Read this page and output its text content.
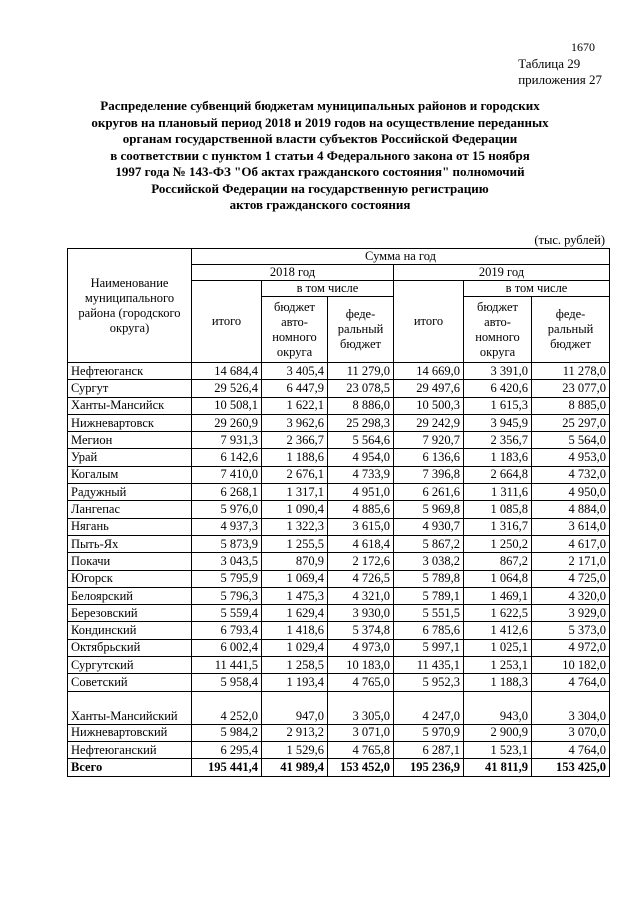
1670
Таблица 29
приложения 27
Распределение субвенций бюджетам муниципальных районов и городских
округов на плановый период 2018 и 2019 годов на осуществление переданных
органам государственной власти субъектов Российской Федерации
в соответствии с пунктом 1 статьи 4 Федерального закона от 15 ноября
1997 года № 143-ФЗ "Об актах гражданского состояния" полномочий
Российской Федерации на государственную регистрацию
актов гражданского состояния
(тыс. рублей)
Наименование муниципального района (городского округа)	Сумма на год					
	2018 год			2019 год		
	итого	в том числе		итого	в том числе	
		бюджет авто-номного округа	феде-ральный бюджет		бюджет авто-номного округа	феде-ральный бюджет
Нефтеюганск	14 684,4	3 405,4	11 279,0	14 669,0	3 391,0	11 278,0
Сургут	29 526,4	6 447,9	23 078,5	29 497,6	6 420,6	23 077,0
Ханты-Мансийск	10 508,1	1 622,1	8 886,0	10 500,3	1 615,3	8 885,0
Нижневартовск	29 260,9	3 962,6	25 298,3	29 242,9	3 945,9	25 297,0
Мегион	7 931,3	2 366,7	5 564,6	7 920,7	2 356,7	5 564,0
Урай	6 142,6	1 188,6	4 954,0	6 136,6	1 183,6	4 953,0
Когалым	7 410,0	2 676,1	4 733,9	7 396,8	2 664,8	4 732,0
Радужный	6 268,1	1 317,1	4 951,0	6 261,6	1 311,6	4 950,0
Лангепас	5 976,0	1 090,4	4 885,6	5 969,8	1 085,8	4 884,0
Нягань	4 937,3	1 322,3	3 615,0	4 930,7	1 316,7	3 614,0
Пыть-Ях	5 873,9	1 255,5	4 618,4	5 867,2	1 250,2	4 617,0
Покачи	3 043,5	870,9	2 172,6	3 038,2	867,2	2 171,0
Югорск	5 795,9	1 069,4	4 726,5	5 789,8	1 064,8	4 725,0
Белоярский	5 796,3	1 475,3	4 321,0	5 789,1	1 469,1	4 320,0
Березовский	5 559,4	1 629,4	3 930,0	5 551,5	1 622,5	3 929,0
Кондинский	6 793,4	1 418,6	5 374,8	6 785,6	1 412,6	5 373,0
Октябрьский	6 002,4	1 029,4	4 973,0	5 997,1	1 025,1	4 972,0
Сургутский	11 441,5	1 258,5	10 183,0	11 435,1	1 253,1	10 182,0
Советский	5 958,4	1 193,4	4 765,0	5 952,3	1 188,3	4 764,0
Ханты-Мансийский	4 252,0	947,0	3 305,0	4 247,0	943,0	3 304,0
Нижневартовский	5 984,2	2 913,2	3 071,0	5 970,9	2 900,9	3 070,0
Нефтеюганский	6 295,4	1 529,6	4 765,8	6 287,1	1 523,1	4 764,0
Всего	195 441,4	41 989,4	153 452,0	195 236,9	41 811,9	153 425,0
